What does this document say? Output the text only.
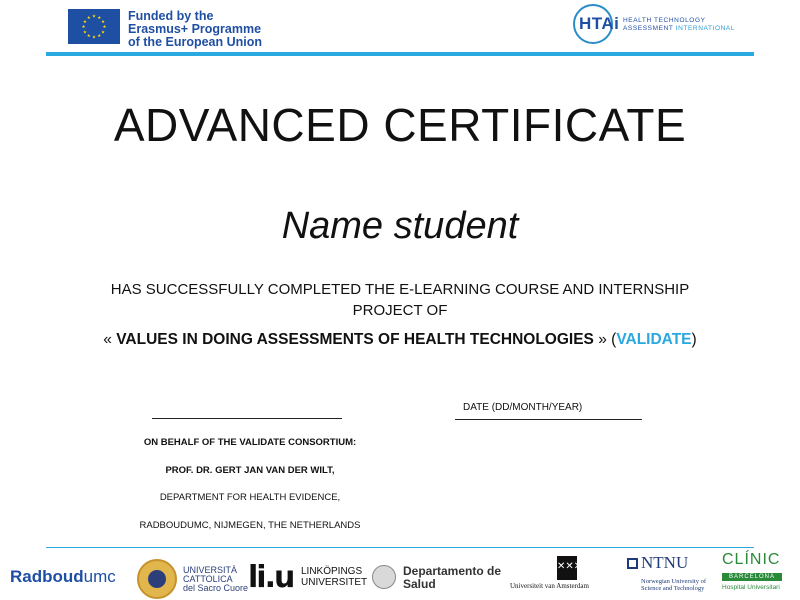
★ ★
★
★
★
★
★
★
★
★
★
★	Funded by the
Erasmus+ Programme
of the European Union
HTAi HEALTH TECHNOLOGY
ASSESSMENT INTERNATIONAL
ADVANCED CERTIFICATE
Name student
HAS SUCCESSFULLY COMPLETED THE E-LEARNING COURSE AND INTERNSHIP
PROJECT OF
« VALUES IN DOING ASSESSMENTS OF HEALTH TECHNOLOGIES » (VALIDATE)
DATE (DD/MONTH/YEAR)
ON BEHALF OF THE VALIDATE CONSORTIUM:
PROF. DR. GERT JAN VAN DER WILT,
DEPARTMENT FOR HEALTH EVIDENCE,
RADBOUDUMC, NIJMEGEN, THE NETHERLANDS
Radboudumc	UNIVERSITÀ
CATTOLICA
del Sacro Cuore li.u LINKÖPINGS
UNIVERSITET
Departamento de
Salud
✕✕✕
Universiteit van Amsterdam
NTNU
Norwegian University of
Science and Technology
CLÍNIC
BARCELONA
Hospital Universitari
